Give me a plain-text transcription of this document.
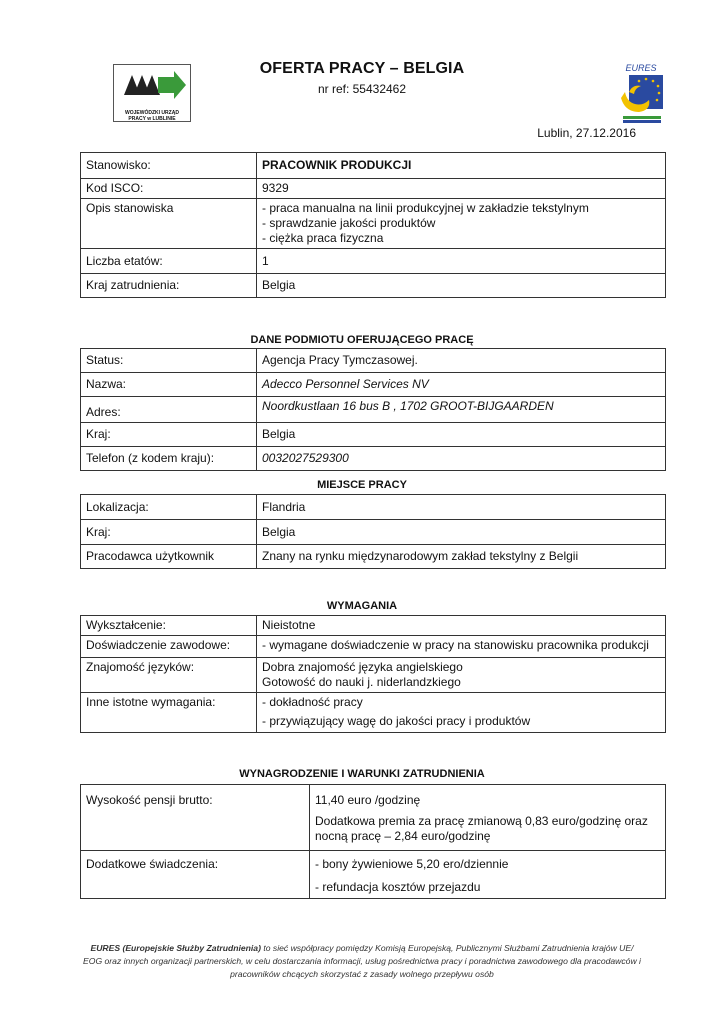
WOJEWÓDZKI URZĄD PRACY w LUBLINIE
EURES
OFERTA PRACY – BELGIA
nr ref: 55432462
Lublin, 27.12.2016
Stanowisko:	PRACOWNIK PRODUKCJI
Kod ISCO:	9329
Opis stanowiska	- praca manualna na linii produkcyjnej w zakładzie tekstylnym
- sprawdzanie jakości produktów
- ciężka praca fizyczna

Liczba etatów:	1
Kraj zatrudnienia:	Belgia
DANE PODMIOTU OFERUJĄCEGO PRACĘ
Status:	Agencja Pracy Tymczasowej.
Nazwa:	Adecco Personnel Services NV
Adres:	Noordkustlaan 16 bus B , 1702 GROOT-BIJGAARDEN
Kraj:	Belgia
Telefon (z kodem kraju):	0032027529300
MIEJSCE PRACY
Lokalizacja:	Flandria
Kraj:	Belgia
Pracodawca użytkownik	Znany na rynku międzynarodowym zakład tekstylny z Belgii
WYMAGANIA
Wykształcenie:	Nieistotne
Doświadczenie zawodowe:	- wymagane doświadczenie w pracy na stanowisku pracownika produkcji
Znajomość języków:	Dobra znajomość języka angielskiego
Gotowość do nauki j. niderlandzkiego

Inne istotne wymagania:	- dokładność pracy
- przywiązujący wagę do jakości pracy i produktów
WYNAGRODZENIE I WARUNKI ZATRUDNIENIA
Wysokość pensji brutto:	11,40 euro /godzinę
Dodatkowa premia za pracę zmianową 0,83 euro/godzinę oraz nocną pracę – 2,84 euro/godzinę

Dodatkowe świadczenia:	- bony żywieniowe 5,20 ero/dziennie
- refundacja kosztów przejazdu
EURES (Europejskie Służby Zatrudnienia) to sieć współpracy pomiędzy Komisją Europejską, Publicznymi Służbami Zatrudnienia krajów UE/ EOG oraz innych organizacji partnerskich, w celu dostarczania informacji, usług pośrednictwa pracy i poradnictwa zawodowego dla pracodawców i pracowników chcących skorzystać z zasady wolnego przepływu osób
